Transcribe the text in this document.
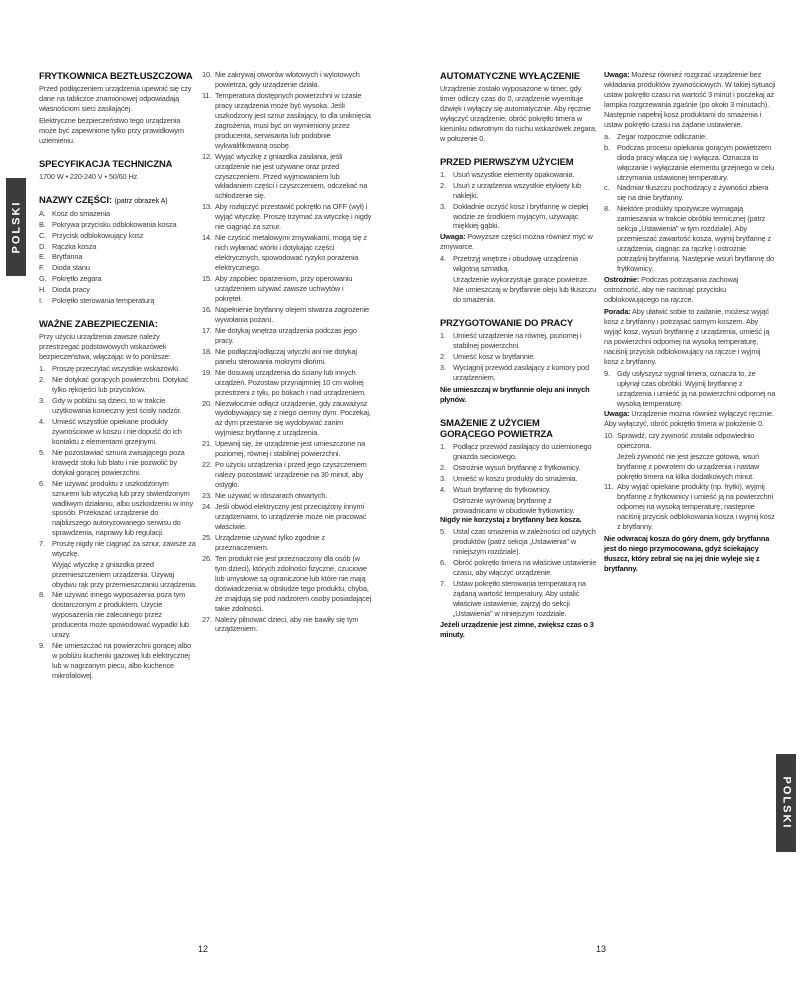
POLSKI
POLSKI
FRYTKOWNICA BEZTŁUSZCZOWA
Przed podłączeniem urządzenia upewnić się czy dane na tabliczce znamionowej odpowiadają własnościom sieci zasilającej.
Elektryczne bezpieczeństwo tego urządzenia może być zapewnione tylko przy prawidłowym uziemieniu.
SPECYFIKACJA TECHNICZNA
1700 W • 220-240 V • 50/60 Hz
NAZWY CZĘŚCI: (patrz obrazek A)
A. Kosz do smażenia
B. Pokrywa przycisku odblokowania kosza
C. Przycisk odblokowujący kosz
D. Rączka kosza
E. Brytfanna
F.	Dioda stanu
G. Pokrętło zegara
H. Dioda pracy
I.	Pokrętło sterowania temperaturą
WAŻNE ZABEZPIECZENIA:
Przy użyciu urządzenia zawsze należy przestrzegać podstawowych wskazówek bezpieczeństwa, włączając w to poniższe:
1. Proszę przeczytać wszystkie wskazówki.
2. Nie dotykać gorących powierzchni. Dotykać tylko rękojeści lub przycisków.
3. Gdy w pobliżu są dzieci, to w trakcie użytkowania konieczny jest ścisły nadzór.
4. Umieść wszystkie opiekane produkty żywnościowe w koszu i nie dopuść do ich kontaktu z elementami grzejnymi.
5. Nie pozostawiać sznura zwisającego poza krawędź stołu lub blatu i nie pozwolić by dotykał gorącej powierzchni.
6. Nie używać produktu z uszkodzonym sznurem lub wtyczką lub przy stwierdzonym wadliwym działaniu, albo uszkodzeniu w inny sposób. Przekazać urządzenie do najbliższego autoryzowanego serwisu do sprawdzenia, naprawy lub regulacji.
7. Proszę nigdy nie ciągnąć za sznur, zawsze za wtyczkę.
Wyjąć wtyczkę z gniazdka przed przemieszczeniem urządzenia. Używaj obydwu rąk przy przemieszczaniu urządzenia.
8. Nie używać innego wyposażenia poza tym dostarczonym z produktem. Użycie wyposażenia nie zalecanego przez producenta może spowodować wypadki lub urazy.
9. Nie umieszczać na powierzchni gorącej albo w pobliżu kuchenki gazowej lub elektrycznej lub w nagrzanym piecu, albo kuchence mikrofalowej.
10. Nie zakrywaj otworów wlotowych i wylotowych powietrza, gdy urządzenie działa.
11. Temperatura dostępnych powierzchni w czasie pracy urządzenia może być wysoka. Jeśli uszkodzony jest sznur zasilający, to dla uniknięcia zagrożenia, musi być on wymieniony przez producenta, serwisanta lub podobnie wykwalifikowaną osobę.
12. Wyjąć wtyczkę z gniazdka zasilania, jeśli urządzenie nie jest używane oraz przed czyszczeniem. Przed wyjmowaniem lub wkładaniem części i czyszczeniem, odczekać na schłodzenie się.
13. Aby rozłączyć przestawić pokrętło na OFF (wył) i wyjąć wtyczkę. Proszę trzymać za wtyczkę i nigdy nie ciągnąć za sznur.
14. Nie czyścić metalowymi zmywakami, mogą się z nich wyłamać wiórki i dotykając części elektrycznych, spowodować ryzyko porażenia elektrycznego.
15. Aby zapobiec oparzeniom, przy operowaniu urządzeniem używać zawsze uchwytów i pokręteł.
16. Napełnienie brytfanny olejem stwarza zagrożenie wywołania pożaru.
17. Nie dotykaj wnętrza urządzenia podczas jego pracy.
18. Nie podłączaj/odłączaj wtyczki ani nie dotykaj panelu sterowania mokrymi dłońmi.
19. Nie dosuwaj urządzenia do ściany lub innych urządzeń. Pozostaw przynajmniej 10 cm wolnej przestrzeni z tyłu, po bokach i nad urządzeniem.
20. Niezwłocznie odłącz urządzenie, gdy zauważysz wydobywający się z niego ciemny dym. Poczekaj, aż dym przestanie się wydobywać zanim wyjmiesz brytfannę z urządzenia.
21. Upewnij się, że urządzenie jest umieszczone na poziomej, równej i stabilnej powierzchni.
22. Po użyciu urządzenia i przed jego czyszczeniem należy pozostawić urządzenie na 30 minut, aby ostygło.
23. Nie używać w obszarach otwartych.
24. Jeśli obwód elektryczny jest przeciążony innymi urządzeniami, to urządzenie może nie pracować właściwie.
25. Urządzenie używać tylko zgodnie z przeznaczeniem.
26. Ten produkt nie jest przeznaczony dla osób (w tym dzieci), których zdolności fizyczne, czuciowe lub umysłowe są ograniczone lub które nie mają doświadczenia w obsłudze tego produktu, chyba, że znajdują się pod nadzorem osoby posiadającej takie zdolności.
27. Należy pilnować dzieci, aby nie bawiły się tym urządzeniem.
AUTOMATYCZNE WYŁĄCZENIE
Urządzenie zostało wyposażone w timer, gdy timer odliczy czas do 0, urządzenie wyemituje dźwięk i wyłączy się automatycznie. Aby ręcznie wyłączyć urządzenie, obróć pokrętło timera w kierunku odwrotnym do ruchu wskazówek zegara, w położenie 0.
PRZED PIERWSZYM UŻYCIEM
1. Usuń wszystkie elementy opakowania.
2. Usuń z urządzenia wszystkie etykiety lub naklejki.
3. Dokładnie oczyść kosz i brytfannę w ciepłej wodzie ze środkiem myjącym, używając miękkiej gąbki.
Uwaga: Powyższe części można również myć w zmywarce.
4. Przetrzyj wnętrze i obudowę urządzenia wilgotną szmatką.
Urządzenie wykorzystuje gorące powietrze. Nie umieszczaj w brytfannie oleju lub tłuszczu do smażenia.
PRZYGOTOWANIE DO PRACY
1. Umieść urządzenie na równej, poziomej i stabilnej powierzchni.
2. Umieść kosz w brytfannie.
3. Wyciągnij przewód zasilający z komory pod urządzeniem.
Nie umieszczaj w brytfannie oleju ani innych płynów.
SMAŻENIE Z UŻYCIEM GORĄCEGO POWIETRZA
1. Podłącz przewód zasilający do uziemionego gniazda sieciowego.
2. Ostrożnie wysuń brytfannę z frytkownicy.
3. Umieść w koszu produkty do smażenia.
4. Wsuń brytfannę do frytkownicy.
Ostrożnie wyrównaj brytfannę z prowadnicami w obudowie frytkownicy.
Nigdy nie korzystaj z brytfanny bez kosza.
5. Ustal czas smażenia w zależności od użytych produktów (patrz sekcja „Ustawienia" w niniejszym rozdziale).
6. Obróć pokrętło timera na właściwe ustawienie czasu, aby włączyć urządzenie.
7. Ustaw pokrętło sterowania temperaturą na żądaną wartość temperatury. Aby ustalić właściwe ustawienie, zajrzyj do sekcji „Ustawienia" w niniejszym rozdziale.
Jeżeli urządzenie jest zimne, zwiększ czas o 3 minuty.
Uwaga: Możesz również rozgrzać urządzenie bez wkładania produktów żywnościowych. W takiej sytuacji ustaw pokrętło czasu na wartość 3 minut i poczekaj aż lampka rozgrzewania zgaśnie (po około 3 minutach). Następnie napełnij kosz produktami do smażenia i ustaw pokrętło czasu na żądane ustawienie.
a. Zegar rozpocznie odliczanie.
b. Podczas procesu opiekania gorącym powietrzem dioda pracy włącza się i wyłącza. Oznacza to włączanie i wyłączanie elementu grzejnego w celu utrzymania ustawionej temperatury.
c.	Nadmiar tłuszczu pochodzący z żywności zbiera się na dnie brytfanny.
8. Niektóre produkty spożywcze wymagają zamieszania w trakcie obróbki termicznej (patrz sekcja „Ustawienia" w tym rozdziale). Aby przemieszać zawartość kosza, wyjmij brytfannę z urządzenia, ciągnąc za rączkę i ostrożnie potrząśnij brytfanną. Następnie wsuń brytfannę do frytkownicy.
Ostrożnie: Podczas potrząsania zachowaj ostrożność, aby nie nacisnąć przycisku odblokowującego na rączce.
Porada: Aby ułatwić sobie to zadanie, możesz wyjąć kosz z brytfanny i potrząsać samym koszem. Aby wyjąć kosz, wysuń brytfannę z urządzenia, umieść ją na powierzchni odpornej na wysoką temperaturę, naciśnij przycisk odblokowujący na rączce i wyjmij kosz z brytfanny.
9. Gdy usłyszysz sygnał timera, oznacza to, że upłynął czas obróbki. Wyjmij brytfannę z urządzenia i umieść ją na powierzchni odpornej na wysoką temperaturę.
Uwaga: Urządzenie można również wyłączyć ręcznie. Aby wyłączyć, obróć pokrętło timera w położenie 0.
10. Sprawdź, czy żywność została odpowiednio opieczona.
Jeżeli żywność nie jest jeszcze gotowa, wsuń brytfannę z powrotem do urządzenia i nastaw pokrętło timera na kilka dodatkowych minut.
11. Aby wyjąć opiekane produkty (np. frytki), wyjmij brytfannę z frytkownicy i umieść ją na powierzchni odpornej na wysoką temperaturę; następnie naciśnij przycisk odblokowania kosza i wyjmij kosz z brytfanny.
Nie odwracaj kosza do góry dnem, gdy brytfanna jest do niego przymocowana, gdyż ściekający tłuszcz, który zebrał się na jej dnie wyleje się z brytfanny.
12	13
